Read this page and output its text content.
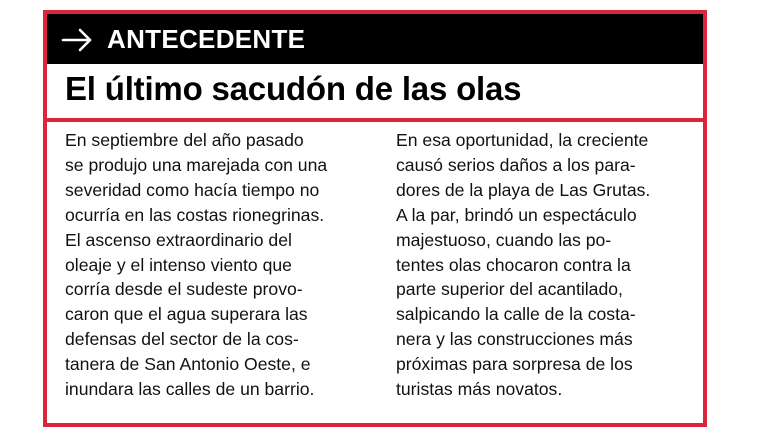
ANTECEDENTE
El último sacudón de las olas
En septiembre del año pasado
se produjo una marejada con una
severidad como hacía tiempo no
ocurría en las costas rionegrinas.
El ascenso extraordinario del
oleaje y el intenso viento que
corría desde el sudeste provo-
caron que el agua superara las
defensas del sector de la cos-
tanera de San Antonio Oeste, e
inundara las calles de un barrio.
En esa oportunidad, la creciente
causó serios daños a los para-
dores de la playa de Las Grutas.
A la par, brindó un espectáculo
majestuoso, cuando las po-
tentes olas chocaron contra la
parte superior del acantilado,
salpicando la calle de la costa-
nera y las construcciones más
próximas para sorpresa de los
turistas más novatos.
